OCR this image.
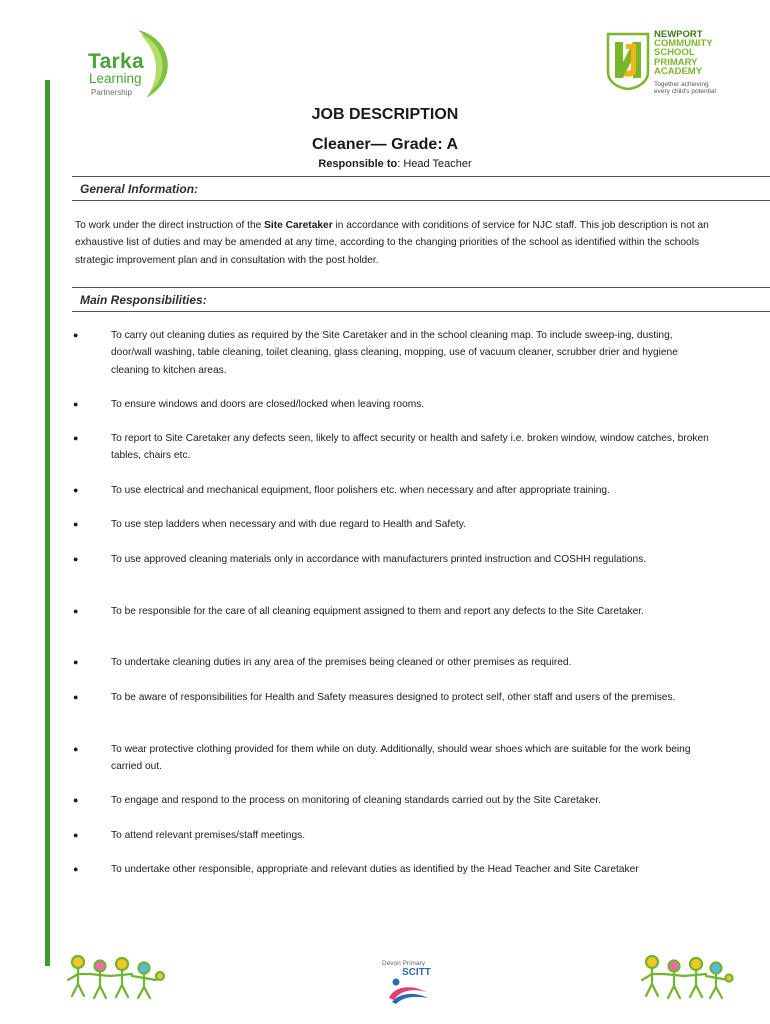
Tarka
Learning
Partnership
NEWPORT
COMMUNITY
SCHOOL
PRIMARY
ACADEMY
Together achieving
every child's potential
JOB DESCRIPTION
Cleaner— Grade: A
Responsible to: Head Teacher
General Information:
To work under the direct instruction of the Site Caretaker in accordance with conditions of service for NJC staff. This job description is not an exhaustive list of duties and may be amended at any time, according to the changing priorities of the school as identified within the schools strategic improvement plan and in consultation with the post holder.
Main Responsibilities:
●	To carry out cleaning duties as required by the Site Caretaker and in the school cleaning map. To include sweep-ing, dusting, door/wall washing, table cleaning, toilet cleaning, glass cleaning, mopping, use of vacuum cleaner, scrubber drier and hygiene cleaning to kitchen areas.
●	To ensure windows and doors are closed/locked when leaving rooms.
●	To report to Site Caretaker any defects seen, likely to affect security or health and safety i.e. broken window, window catches, broken tables, chairs etc.
●	To use electrical and mechanical equipment, floor polishers etc. when necessary and after appropriate training.
●	To use step ladders when necessary and with due regard to Health and Safety.
●	To use approved cleaning materials only in accordance with manufacturers printed instruction and COSHH regulations.
●	To be responsible for the care of all cleaning equipment assigned to them and report any defects to the Site Caretaker.
●	To undertake cleaning duties in any area of the premises being cleaned or other premises as required.
●	To be aware of responsibilities for Health and Safety measures designed to protect self, other staff and users of the premises.
●	To wear protective clothing provided for them while on duty. Additionally, should wear shoes which are suitable for the work being carried out.
●	To engage and respond to the process on monitoring of cleaning standards carried out by the Site Caretaker.
●	To attend relevant premises/staff meetings.
●	To undertake other responsible, appropriate and relevant duties as identified by the Head Teacher and Site Caretaker
Devon Primary
SCITT
